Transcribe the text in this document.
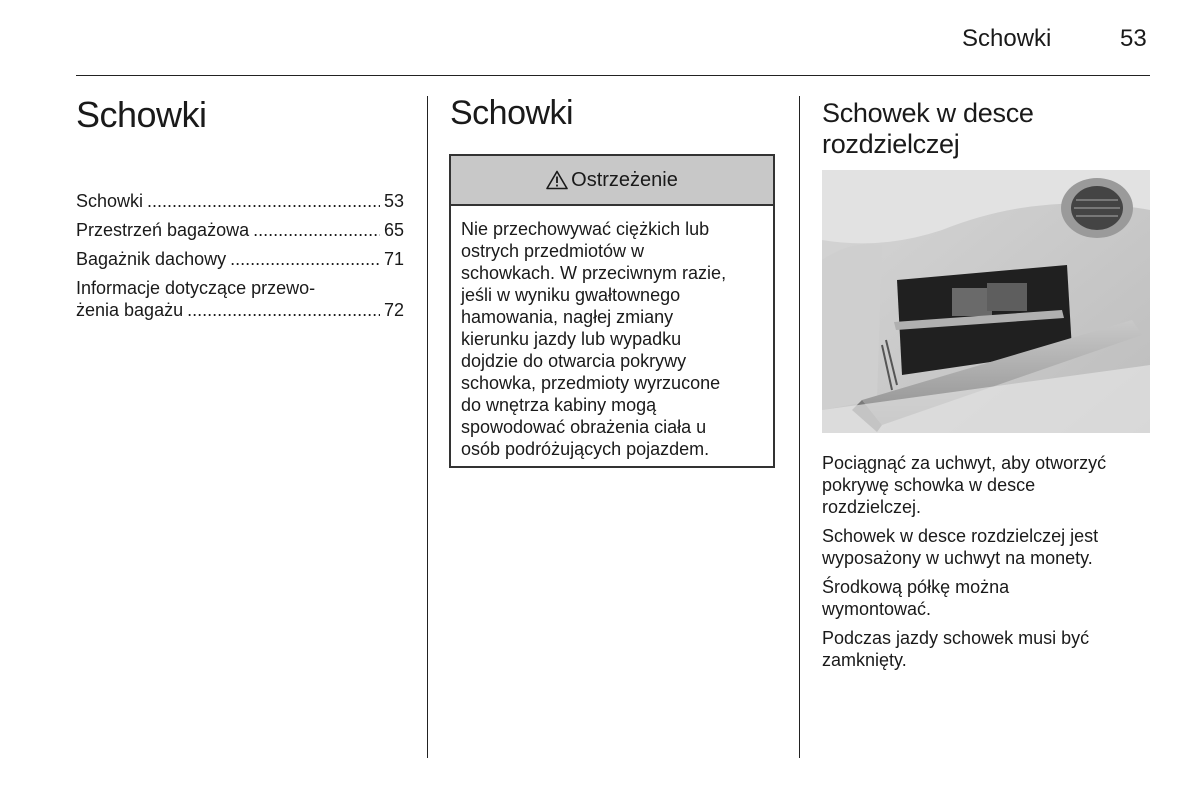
Schowki	53
Schowki
Schowki .....	53
Przestrzeń bagażowa .....	65
Bagażnik dachowy .....	71
Informacje dotyczące przewo-
żenia bagażu .....	72
Schowki
Ostrzeżenie
Nie przechowywać ciężkich lub
ostrych przedmiotów w
schowkach. W przeciwnym razie,
jeśli w wyniku gwałtownego
hamowania, nagłej zmiany
kierunku jazdy lub wypadku
dojdzie do otwarcia pokrywy
schowka, przedmioty wyrzucone
do wnętrza kabiny mogą
spowodować obrażenia ciała u
osób podróżujących pojazdem.
Schowek w desce
rozdzielczej
Pociągnąć za uchwyt, aby otworzyć
pokrywę schowka w desce
rozdzielczej.
Schowek w desce rozdzielczej jest
wyposażony w uchwyt na monety.
Środkową półkę można
wymontować.
Podczas jazdy schowek musi być
zamknięty.
